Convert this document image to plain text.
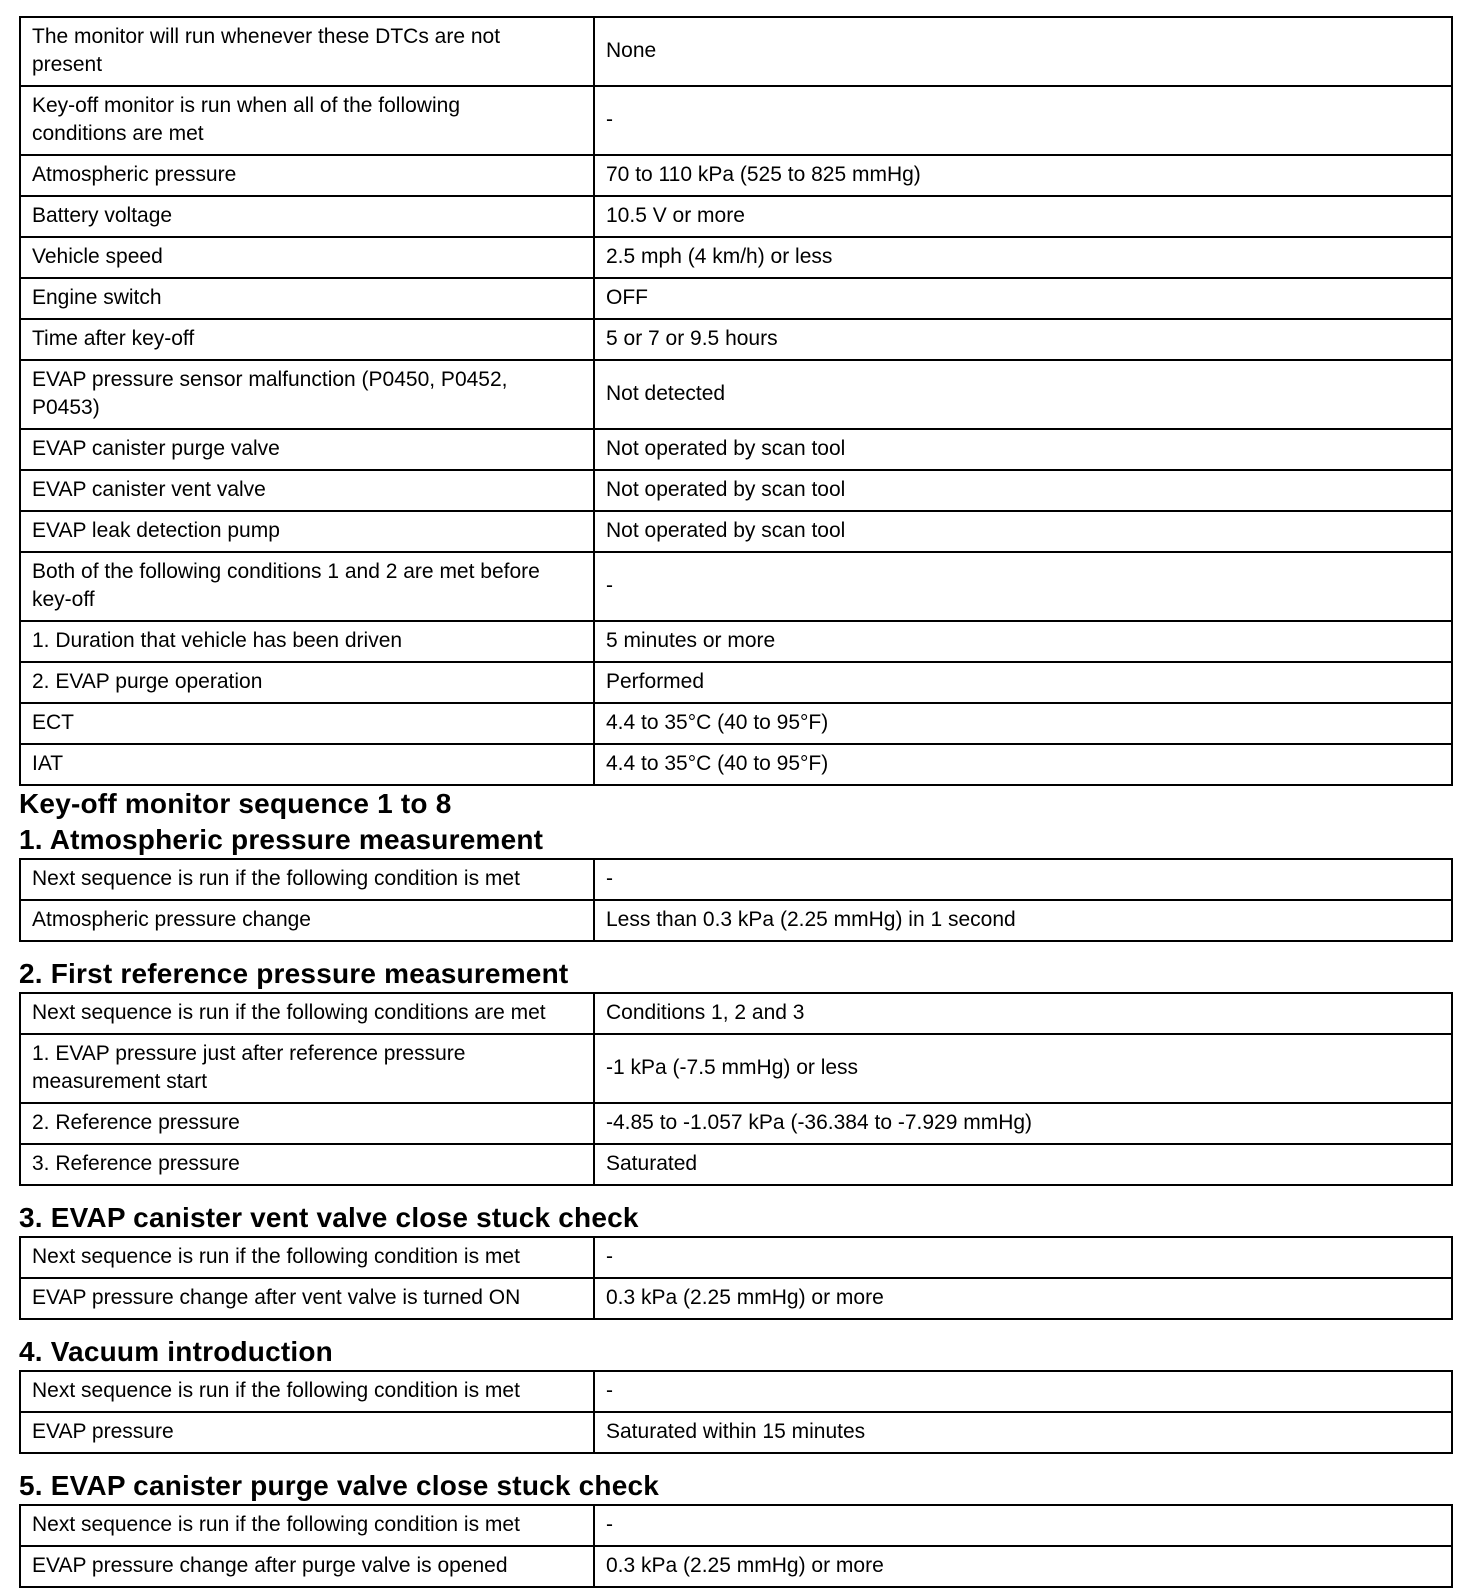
The monitor will run whenever these DTCs are not
present	None
Key-off monitor is run when all of the following
conditions are met	-
Atmospheric pressure	70 to 110 kPa (525 to 825 mmHg)
Battery voltage	10.5 V or more
Vehicle speed	2.5 mph (4 km/h) or less
Engine switch	OFF
Time after key-off	5 or 7 or 9.5 hours
EVAP pressure sensor malfunction (P0450, P0452,
P0453)	Not detected
EVAP canister purge valve	Not operated by scan tool
EVAP canister vent valve	Not operated by scan tool
EVAP leak detection pump	Not operated by scan tool
Both of the following conditions 1 and 2 are met before
key-off	-
1. Duration that vehicle has been driven	5 minutes or more
2. EVAP purge operation	Performed
ECT	4.4 to 35°C (40 to 95°F)
IAT	4.4 to 35°C (40 to 95°F)
Key-off monitor sequence 1 to 8
1. Atmospheric pressure measurement
Next sequence is run if the following condition is met	-
Atmospheric pressure change	Less than 0.3 kPa (2.25 mmHg) in 1 second
2. First reference pressure measurement
Next sequence is run if the following conditions are met	Conditions 1, 2 and 3
1. EVAP pressure just after reference pressure
measurement start	-1 kPa (-7.5 mmHg) or less
2. Reference pressure	-4.85 to -1.057 kPa (-36.384 to -7.929 mmHg)
3. Reference pressure	Saturated
3. EVAP canister vent valve close stuck check
Next sequence is run if the following condition is met	-
EVAP pressure change after vent valve is turned ON	0.3 kPa (2.25 mmHg) or more
4. Vacuum introduction
Next sequence is run if the following condition is met	-
EVAP pressure	Saturated within 15 minutes
5. EVAP canister purge valve close stuck check
Next sequence is run if the following condition is met	-
EVAP pressure change after purge valve is opened	0.3 kPa (2.25 mmHg) or more
